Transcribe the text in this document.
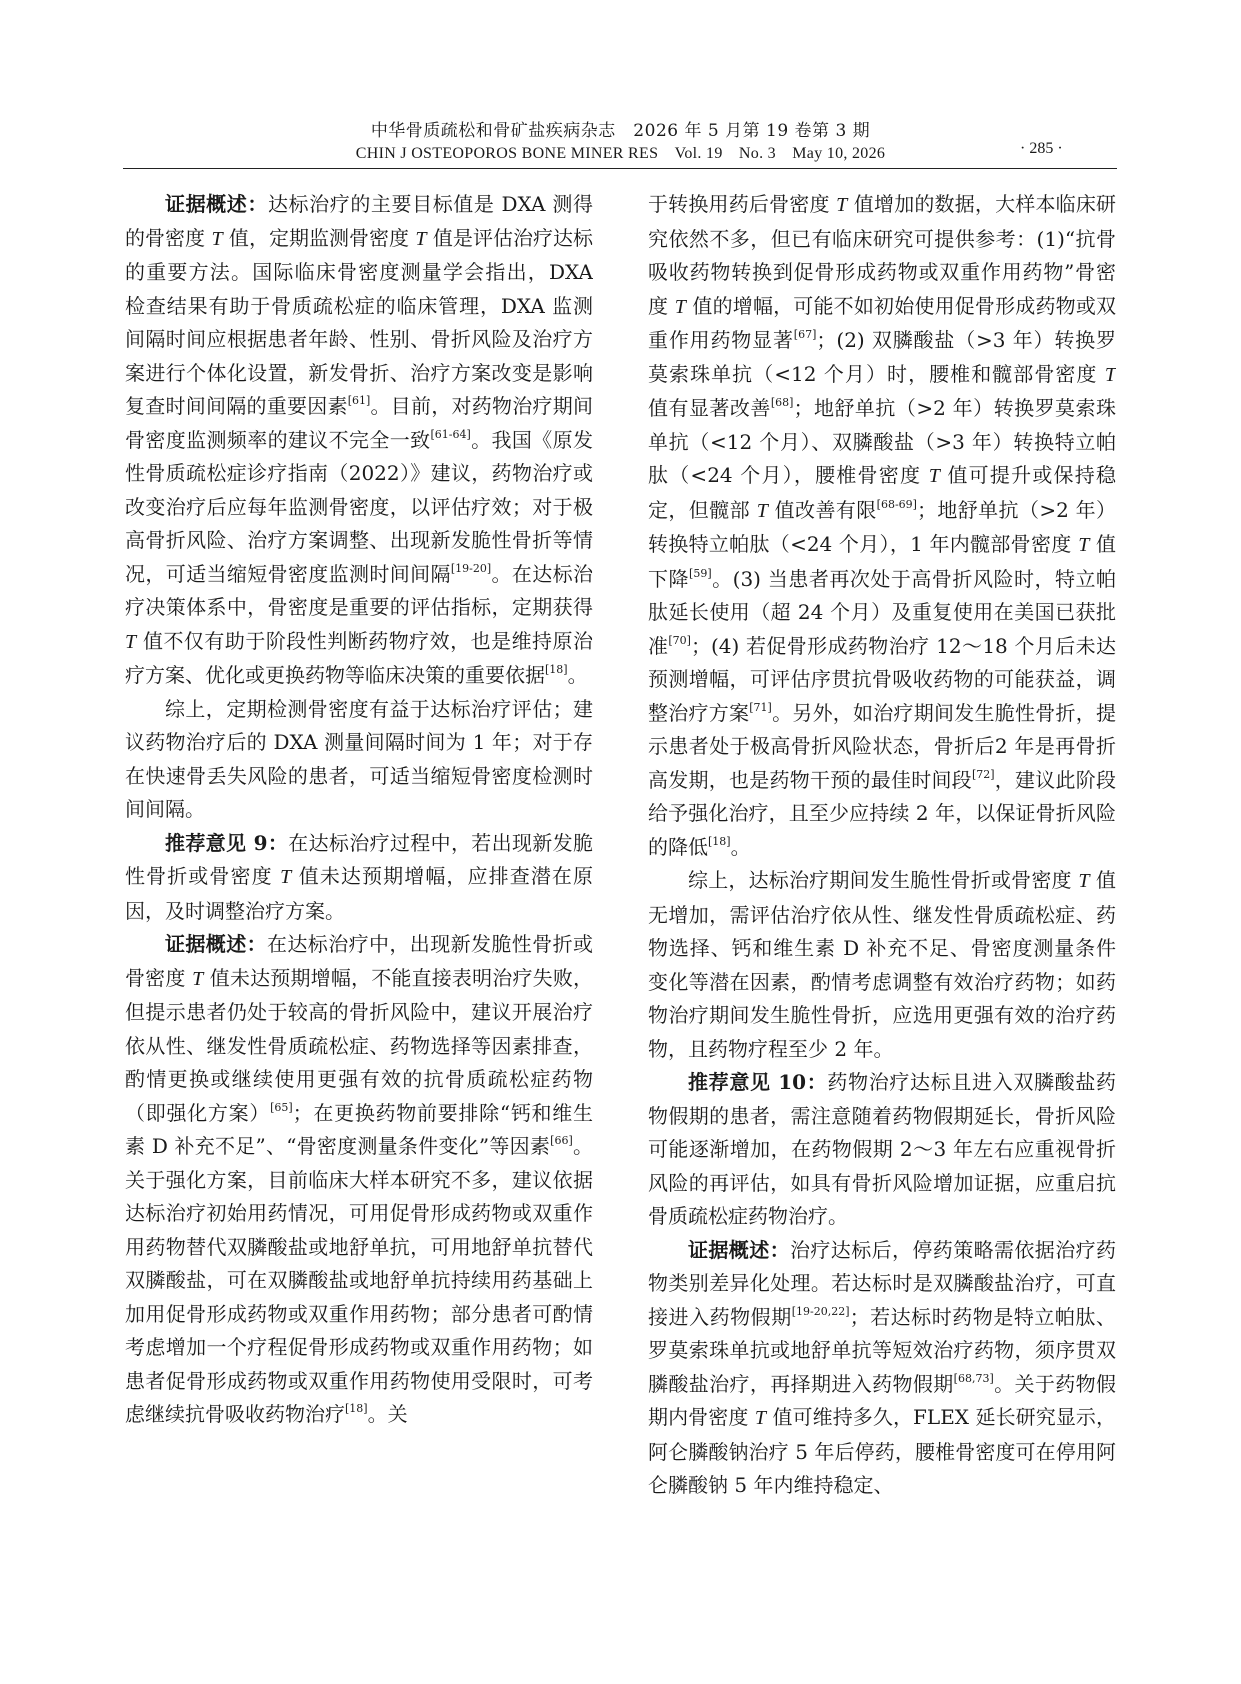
中华骨质疏松和骨矿盐疾病杂志　2026 年 5 月第 19 卷第 3 期
CHIN J OSTEOPOROS BONE MINER RES　Vol. 19　No. 3　May 10, 2026	· 285 ·

证据概述：达标治疗的主要目标值是 DXA 测得的骨密度 T 值，定期监测骨密度 T 值是评估治疗达标的重要方法。国际临床骨密度测量学会指出，DXA 检查结果有助于骨质疏松症的临床管理，DXA 监测间隔时间应根据患者年龄、性别、骨折风险及治疗方案进行个体化设置，新发骨折、治疗方案改变是影响复查时间间隔的重要因素[61]。目前，对药物治疗期间骨密度监测频率的建议不完全一致[61-64]。我国《原发性骨质疏松症诊疗指南（2022）》建议，药物治疗或改变治疗后应每年监测骨密度，以评估疗效；对于极高骨折风险、治疗方案调整、出现新发脆性骨折等情况，可适当缩短骨密度监测时间间隔[19-20]。在达标治疗决策体系中，骨密度是重要的评估指标，定期获得 T 值不仅有助于阶段性判断药物疗效，也是维持原治疗方案、优化或更换药物等临床决策的重要依据[18]。

综上，定期检测骨密度有益于达标治疗评估；建议药物治疗后的 DXA 测量间隔时间为 1 年；对于存在快速骨丢失风险的患者，可适当缩短骨密度检测时间间隔。

推荐意见 9：在达标治疗过程中，若出现新发脆性骨折或骨密度 T 值未达预期增幅，应排查潜在原因，及时调整治疗方案。

证据概述：在达标治疗中，出现新发脆性骨折或骨密度 T 值未达预期增幅，不能直接表明治疗失败，但提示患者仍处于较高的骨折风险中，建议开展治疗依从性、继发性骨质疏松症、药物选择等因素排查，酌情更换或继续使用更强有效的抗骨质疏松症药物（即强化方案）[65]；在更换药物前要排除“钙和维生素 D 补充不足”、“骨密度测量条件变化”等因素[66]。关于强化方案，目前临床大样本研究不多，建议依据达标治疗初始用药情况，可用促骨形成药物或双重作用药物替代双膦酸盐或地舒单抗，可用地舒单抗替代双膦酸盐，可在双膦酸盐或地舒单抗持续用药基础上加用促骨形成药物或双重作用药物；部分患者可酌情考虑增加一个疗程促骨形成药物或双重作用药物；如患者促骨形成药物或双重作用药物使用受限时，可考虑继续抗骨吸收药物治疗[18]。关

于转换用药后骨密度 T 值增加的数据，大样本临床研究依然不多，但已有临床研究可提供参考：(1)“抗骨吸收药物转换到促骨形成药物或双重作用药物”骨密度 T 值的增幅，可能不如初始使用促骨形成药物或双重作用药物显著[67]；(2) 双膦酸盐（>3 年）转换罗莫索珠单抗（<12 个月）时，腰椎和髋部骨密度 T 值有显著改善[68]；地舒单抗（>2 年）转换罗莫索珠单抗（<12 个月）、双膦酸盐（>3 年）转换特立帕肽（<24 个月），腰椎骨密度 T 值可提升或保持稳定，但髋部 T 值改善有限[68-69]；地舒单抗（>2 年）转换特立帕肽（<24 个月），1 年内髋部骨密度 T 值下降[59]。(3) 当患者再次处于高骨折风险时，特立帕肽延长使用（超 24 个月）及重复使用在美国已获批准[70]；(4) 若促骨形成药物治疗 12～18 个月后未达预测增幅，可评估序贯抗骨吸收药物的可能获益，调整治疗方案[71]。另外，如治疗期间发生脆性骨折，提示患者处于极高骨折风险状态，骨折后2 年是再骨折高发期，也是药物干预的最佳时间段[72]，建议此阶段给予强化治疗，且至少应持续 2 年，以保证骨折风险的降低[18]。

综上，达标治疗期间发生脆性骨折或骨密度 T 值无增加，需评估治疗依从性、继发性骨质疏松症、药物选择、钙和维生素 D 补充不足、骨密度测量条件变化等潜在因素，酌情考虑调整有效治疗药物；如药物治疗期间发生脆性骨折，应选用更强有效的治疗药物，且药物疗程至少 2 年。

推荐意见 10：药物治疗达标且进入双膦酸盐药物假期的患者，需注意随着药物假期延长，骨折风险可能逐渐增加，在药物假期 2～3 年左右应重视骨折风险的再评估，如具有骨折风险增加证据，应重启抗骨质疏松症药物治疗。

证据概述：治疗达标后，停药策略需依据治疗药物类别差异化处理。若达标时是双膦酸盐治疗，可直接进入药物假期[19-20,22]；若达标时药物是特立帕肽、罗莫索珠单抗或地舒单抗等短效治疗药物，须序贯双膦酸盐治疗，再择期进入药物假期[68,73]。关于药物假期内骨密度 T 值可维持多久，FLEX 延长研究显示，阿仑膦酸钠治疗 5 年后停药，腰椎骨密度可在停用阿仑膦酸钠 5 年内维持稳定、
